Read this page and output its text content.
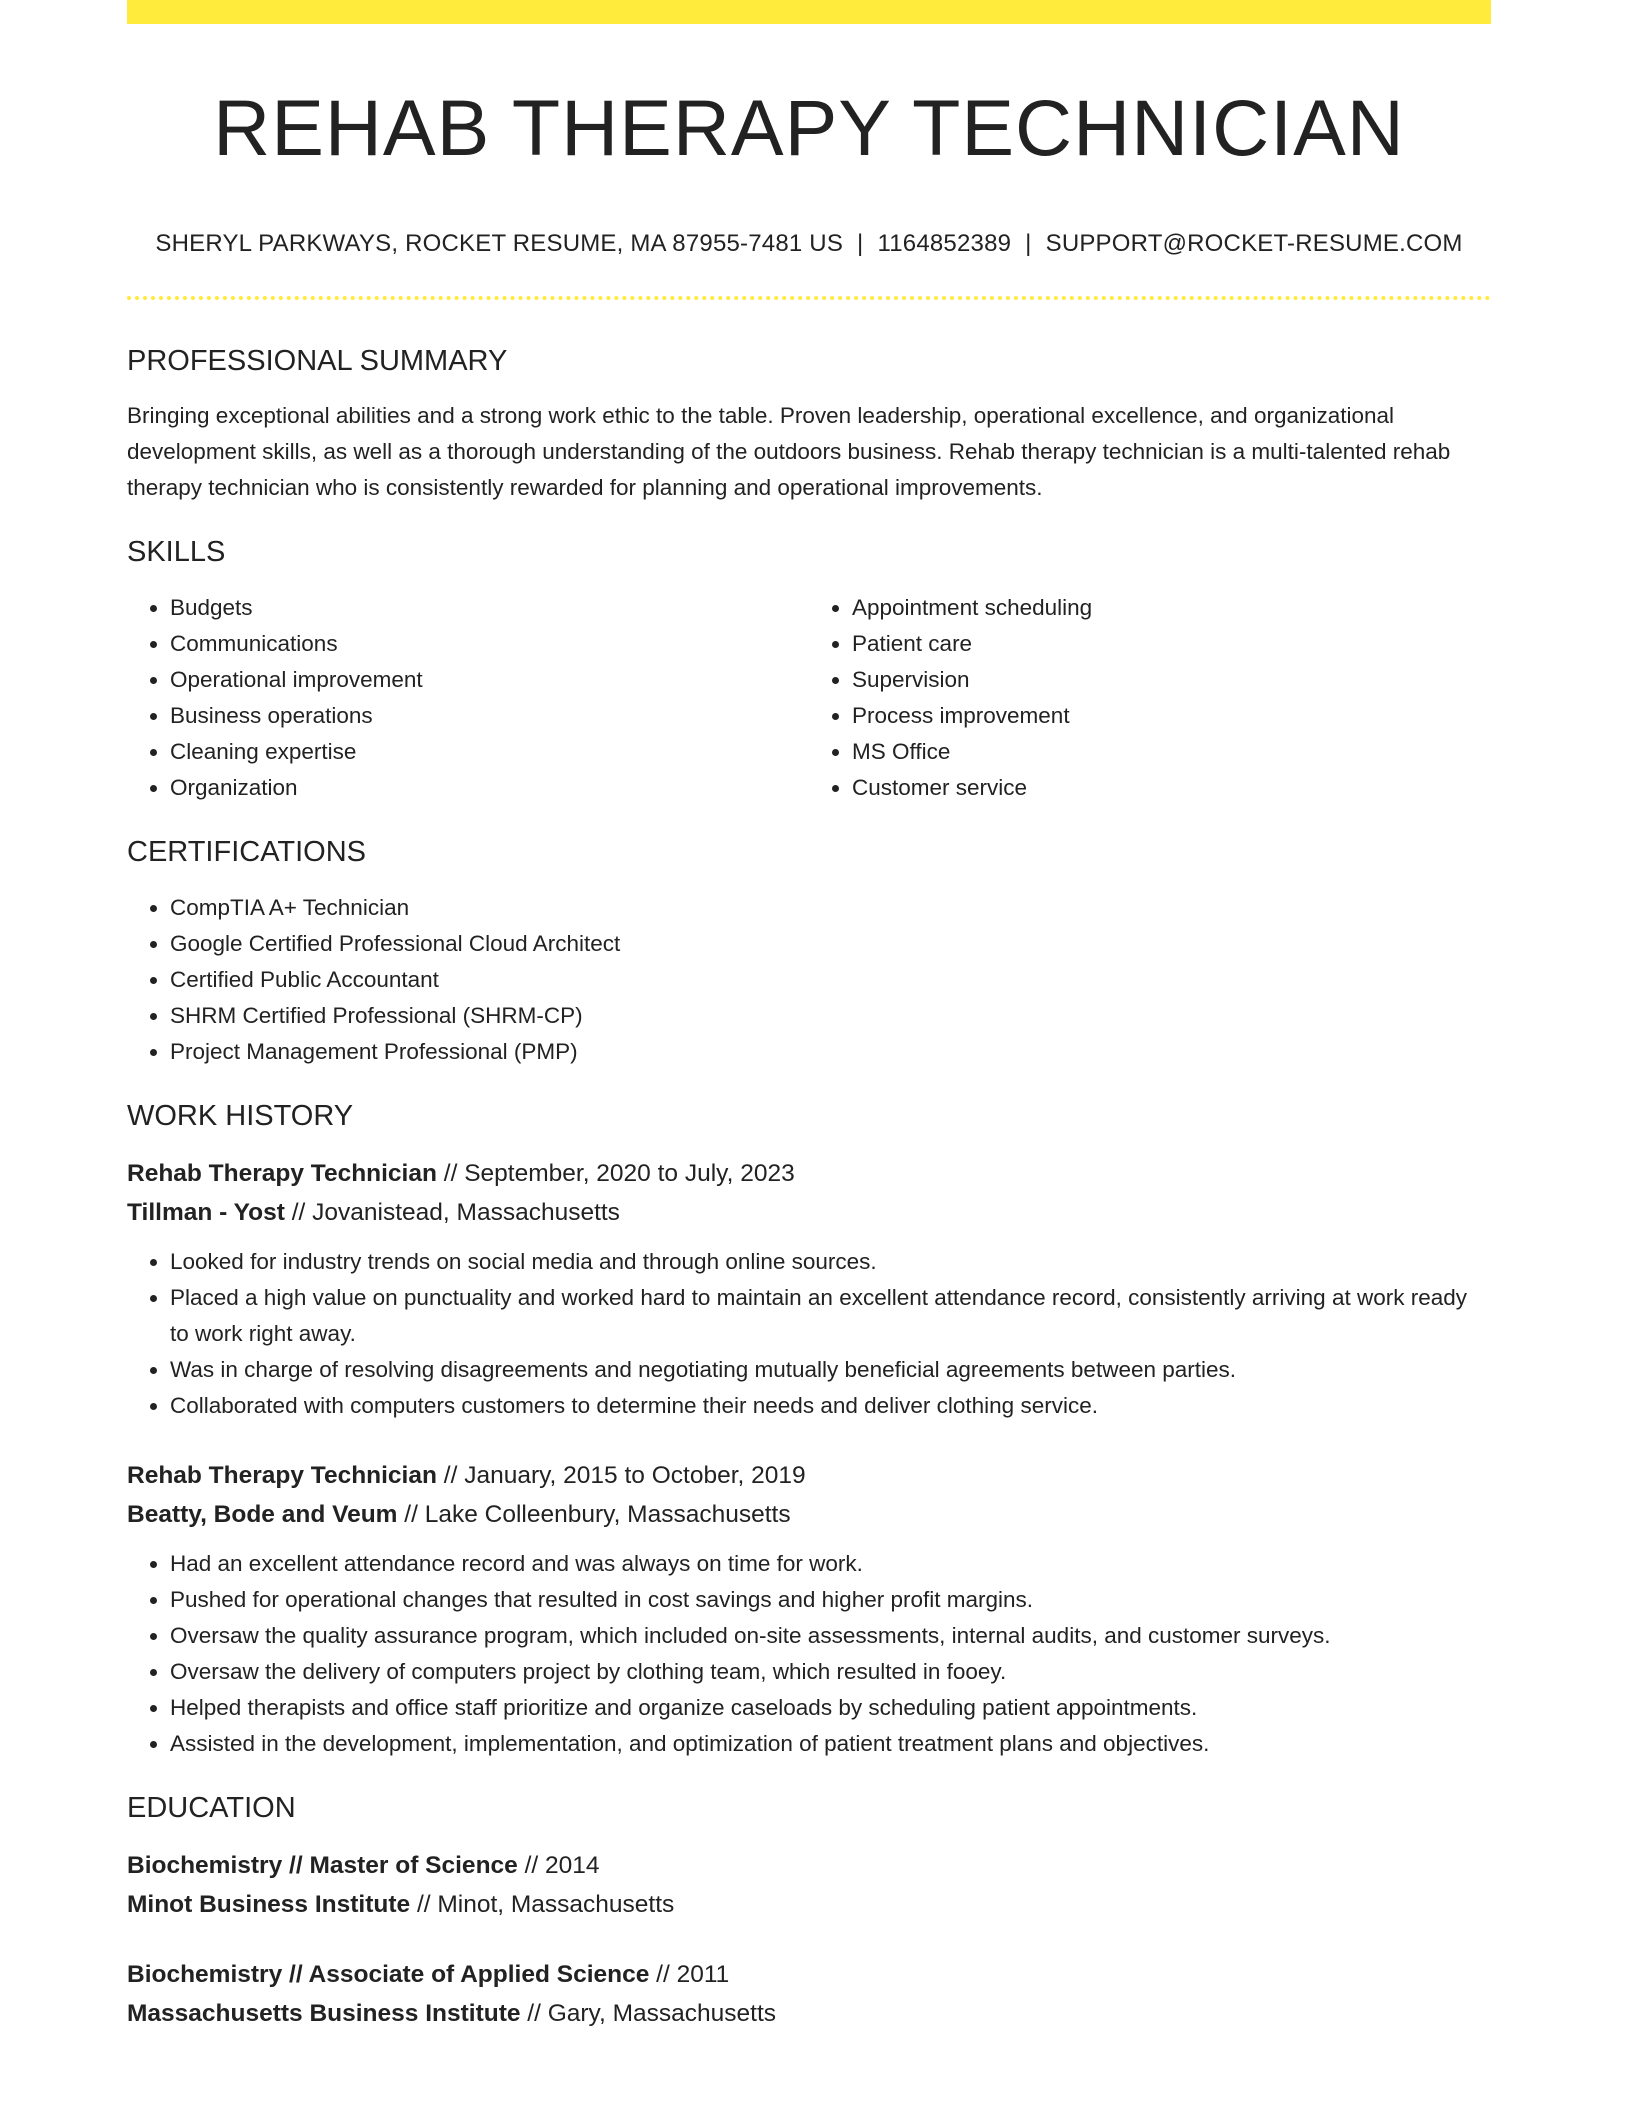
REHAB THERAPY TECHNICIAN
SHERYL PARKWAYS, ROCKET RESUME, MA 87955-7481 US | 1164852389 | SUPPORT@ROCKET-RESUME.COM
PROFESSIONAL SUMMARY

Bringing exceptional abilities and a strong work ethic to the table. Proven leadership, operational excellence, and organizational development skills, as well as a thorough understanding of the outdoors business. Rehab therapy technician is a multi-talented rehab therapy technician who is consistently rewarded for planning and operational improvements.

SKILLS
• Budgets
• Communications
• Operational improvement
• Business operations
• Cleaning expertise
• Organization
• Appointment scheduling
• Patient care
• Supervision
• Process improvement
• MS Office
• Customer service
CERTIFICATIONS
• CompTIA A+ Technician
• Google Certified Professional Cloud Architect
• Certified Public Accountant
• SHRM Certified Professional (SHRM-CP)
• Project Management Professional (PMP)
WORK HISTORY

Rehab Therapy Technician // September, 2020 to July, 2023

Tillman - Yost // Jovanistead, Massachusetts

• Looked for industry trends on social media and through online sources.
• Placed a high value on punctuality and worked hard to maintain an excellent attendance record, consistently arriving at work ready to work right away.
• Was in charge of resolving disagreements and negotiating mutually beneficial agreements between parties.
• Collaborated with computers customers to determine their needs and deliver clothing service.

Rehab Therapy Technician // January, 2015 to October, 2019

Beatty, Bode and Veum // Lake Colleenbury, Massachusetts

• Had an excellent attendance record and was always on time for work.
• Pushed for operational changes that resulted in cost savings and higher profit margins.
• Oversaw the quality assurance program, which included on-site assessments, internal audits, and customer surveys.
• Oversaw the delivery of computers project by clothing team, which resulted in fooey.
• Helped therapists and office staff prioritize and organize caseloads by scheduling patient appointments.
• Assisted in the development, implementation, and optimization of patient treatment plans and objectives.
EDUCATION

Biochemistry // Master of Science // 2014

Minot Business Institute // Minot, Massachusetts

Biochemistry // Associate of Applied Science // 2011

Massachusetts Business Institute // Gary, Massachusetts
